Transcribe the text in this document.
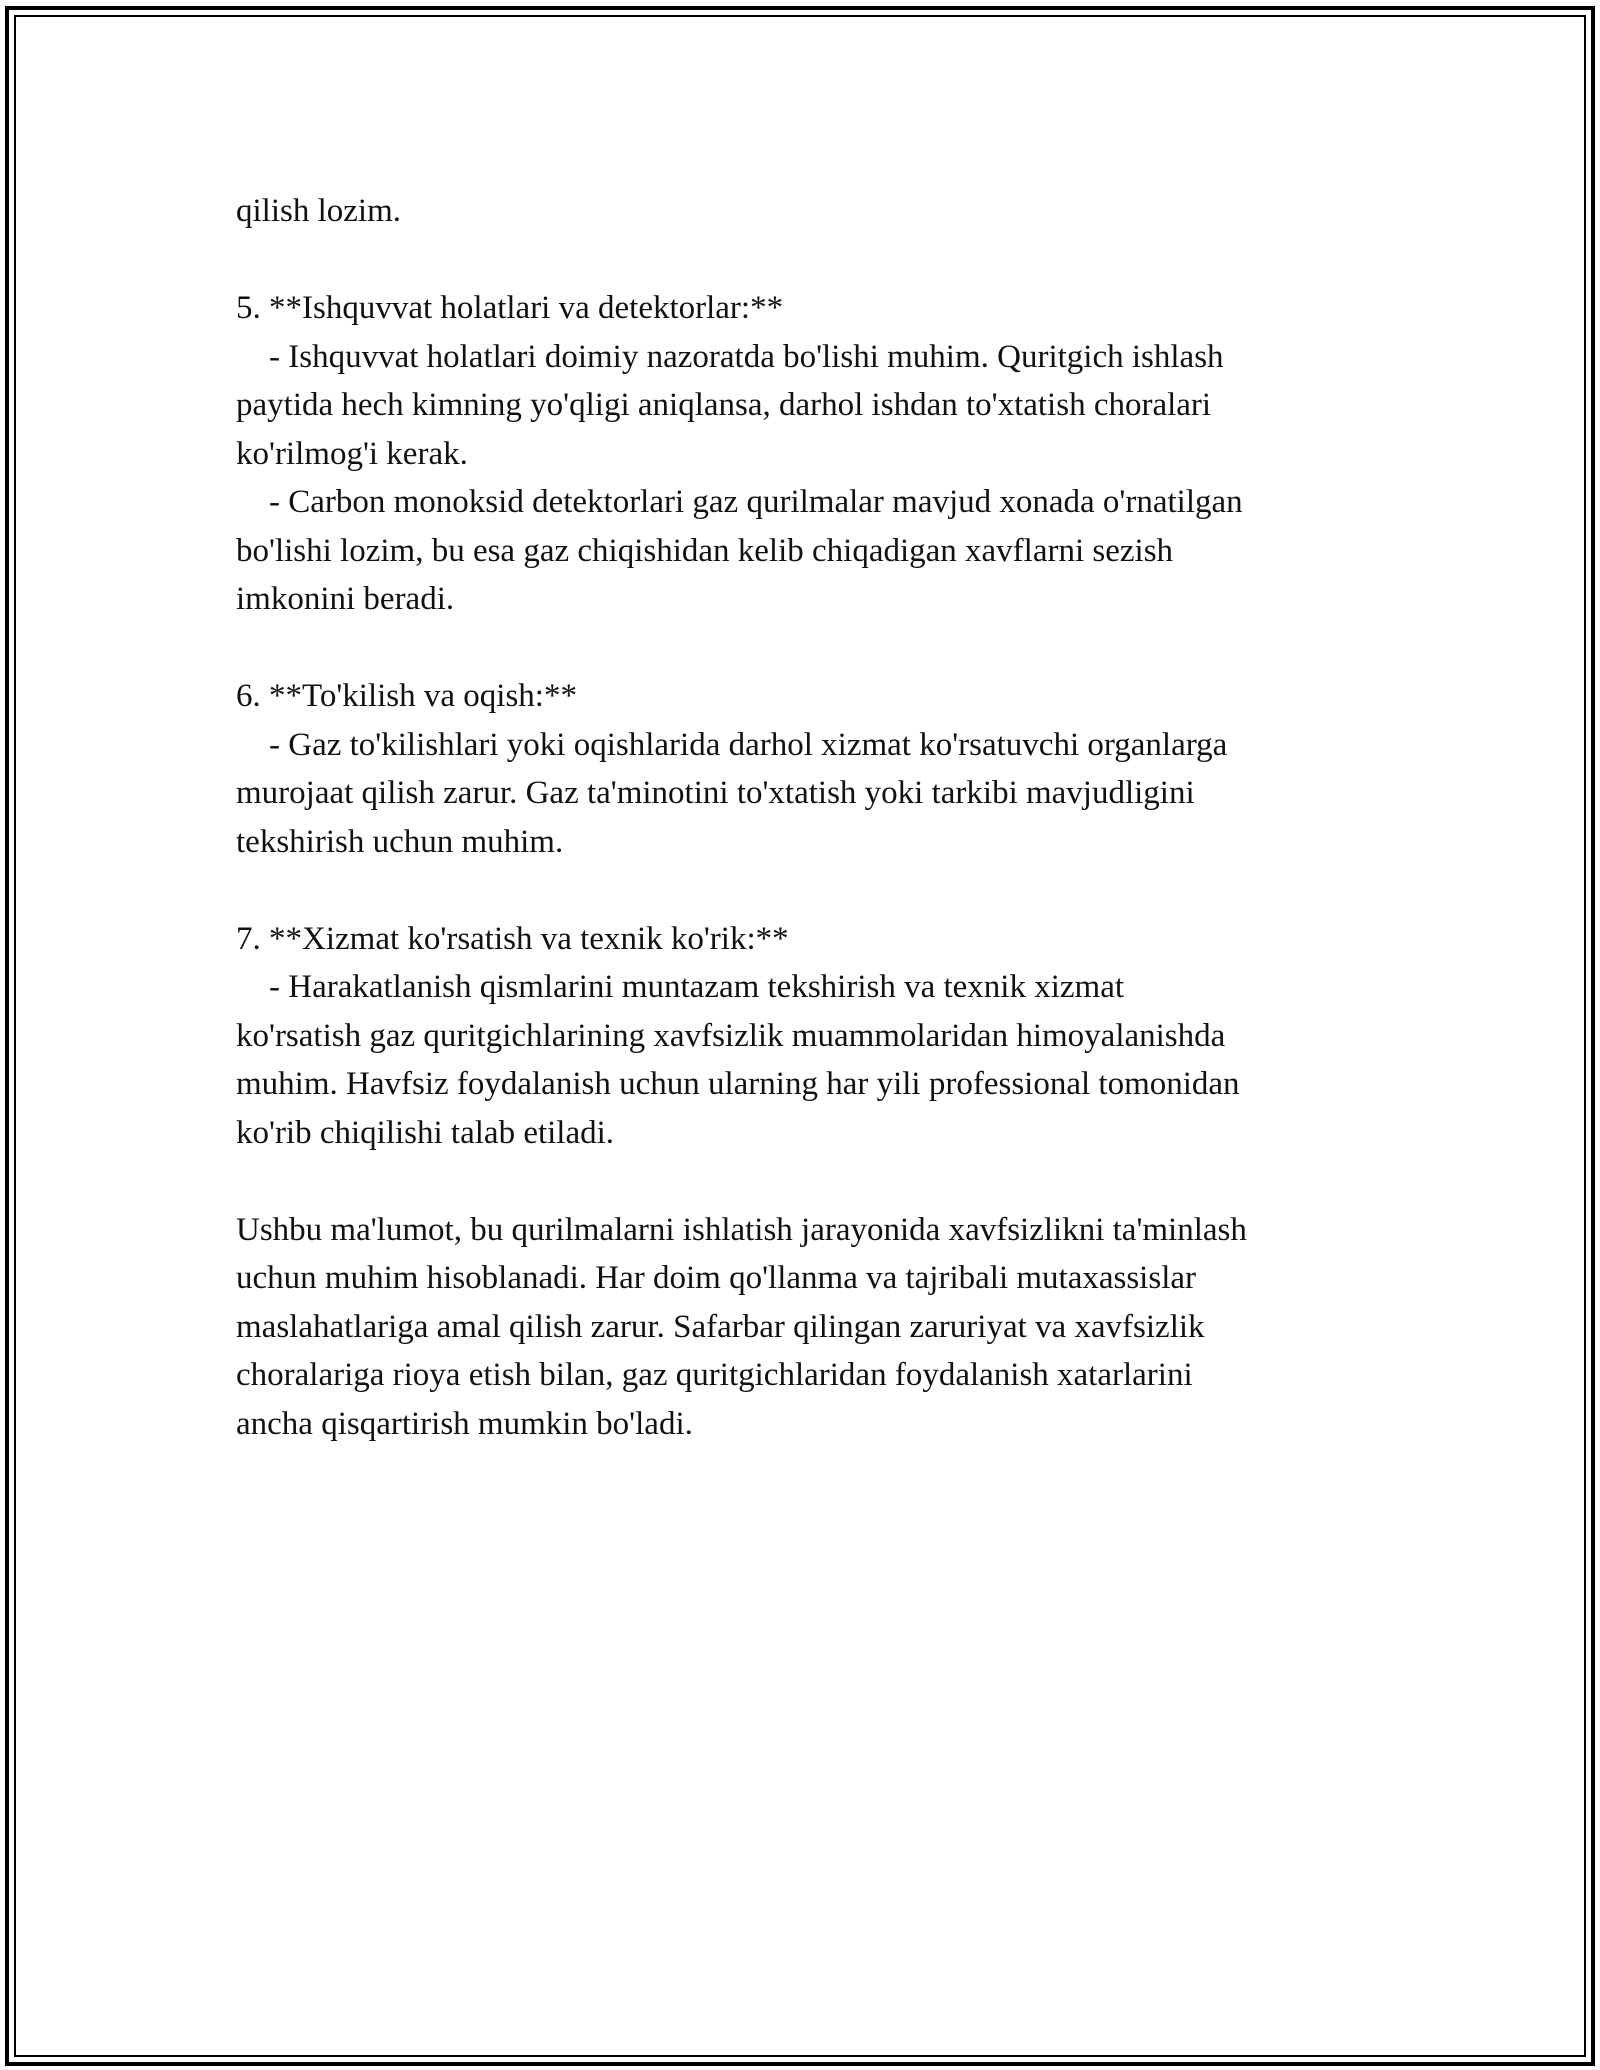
qilish lozim.
5. **Ishquvvat holatlari va detektorlar:**
- Ishquvvat holatlari doimiy nazoratda bo'lishi muhim. Quritgich ishlash
paytida hech kimning yo'qligi aniqlansa, darhol ishdan to'xtatish choralari
ko'rilmog'i kerak.
- Carbon monoksid detektorlari gaz qurilmalar mavjud xonada o'rnatilgan
bo'lishi lozim, bu esa gaz chiqishidan kelib chiqadigan xavflarni sezish
imkonini beradi.
6. **To'kilish va oqish:**
- Gaz to'kilishlari yoki oqishlarida darhol xizmat ko'rsatuvchi organlarga
murojaat qilish zarur. Gaz ta'minotini to'xtatish yoki tarkibi mavjudligini
tekshirish uchun muhim.
7. **Xizmat ko'rsatish va texnik ko'rik:**
- Harakatlanish qismlarini muntazam tekshirish va texnik xizmat
ko'rsatish gaz quritgichlarining xavfsizlik muammolaridan himoyalanishda
muhim. Havfsiz foydalanish uchun ularning har yili professional tomonidan
ko'rib chiqilishi talab etiladi.
Ushbu ma'lumot, bu qurilmalarni ishlatish jarayonida xavfsizlikni ta'minlash
uchun muhim hisoblanadi. Har doim qo'llanma va tajribali mutaxassislar
maslahatlariga amal qilish zarur. Safarbar qilingan zaruriyat va xavfsizlik
choralariga rioya etish bilan, gaz quritgichlaridan foydalanish xatarlarini
ancha qisqartirish mumkin bo'ladi.
